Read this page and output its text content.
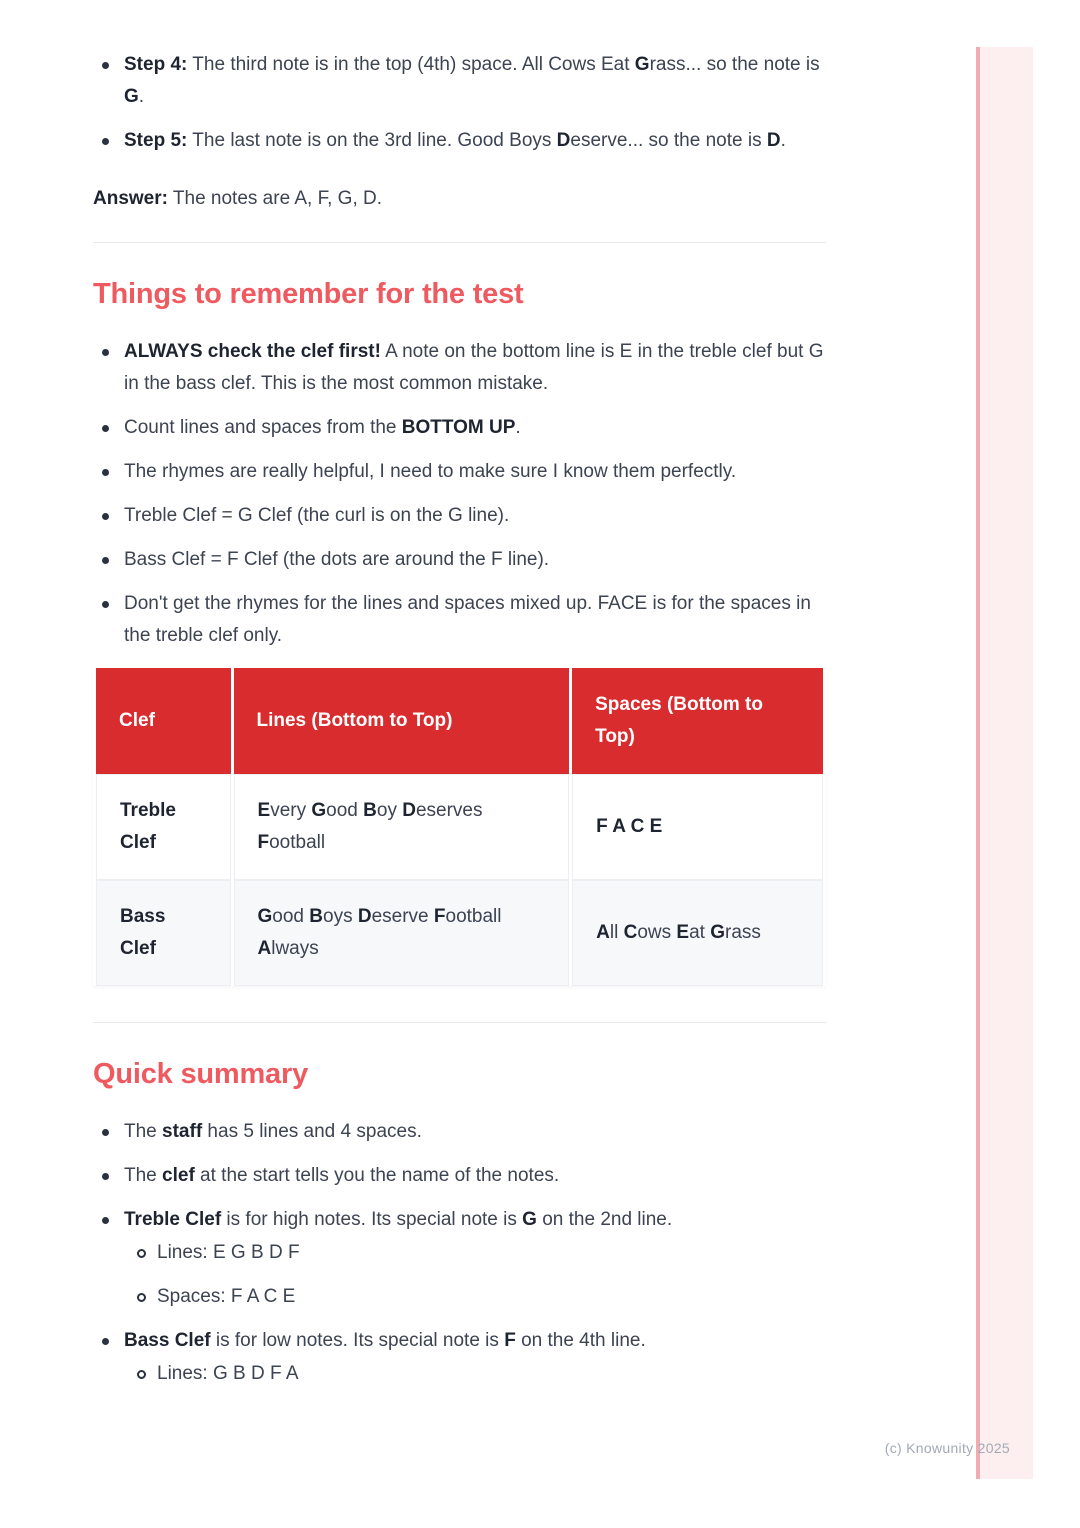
Step 4: The third note is in the top (4th) space. All Cows Eat Grass... so the note is G.
Step 5: The last note is on the 3rd line. Good Boys Deserve... so the note is D.

Answer: The notes are A, F, G, D.

Things to remember for the test
ALWAYS check the clef first! A note on the bottom line is E in the treble clef but G in the bass clef. This is the most common mistake.
Count lines and spaces from the BOTTOM UP.
The rhymes are really helpful, I need to make sure I know them perfectly.
Treble Clef = G Clef (the curl is on the G line).
Bass Clef = F Clef (the dots are around the F line).
Don't get the rhymes for the lines and spaces mixed up. FACE is for the spaces in the treble clef only.
Clef	Lines (Bottom to Top)	Spaces (Bottom to Top)
Treble Clef	Every Good Boy Deserves Football	F A C E
Bass Clef	Good Boys Deserve Football Always	All Cows Eat Grass
Quick summary
The staff has 5 lines and 4 spaces.
The clef at the start tells you the name of the notes.
Treble Clef is for high notes. Its special note is G on the 2nd line.
Lines: E G B D F
Spaces: F A C E
Bass Clef is for low notes. Its special note is F on the 4th line.
Lines: G B D F A
(c) Knowunity 2025
